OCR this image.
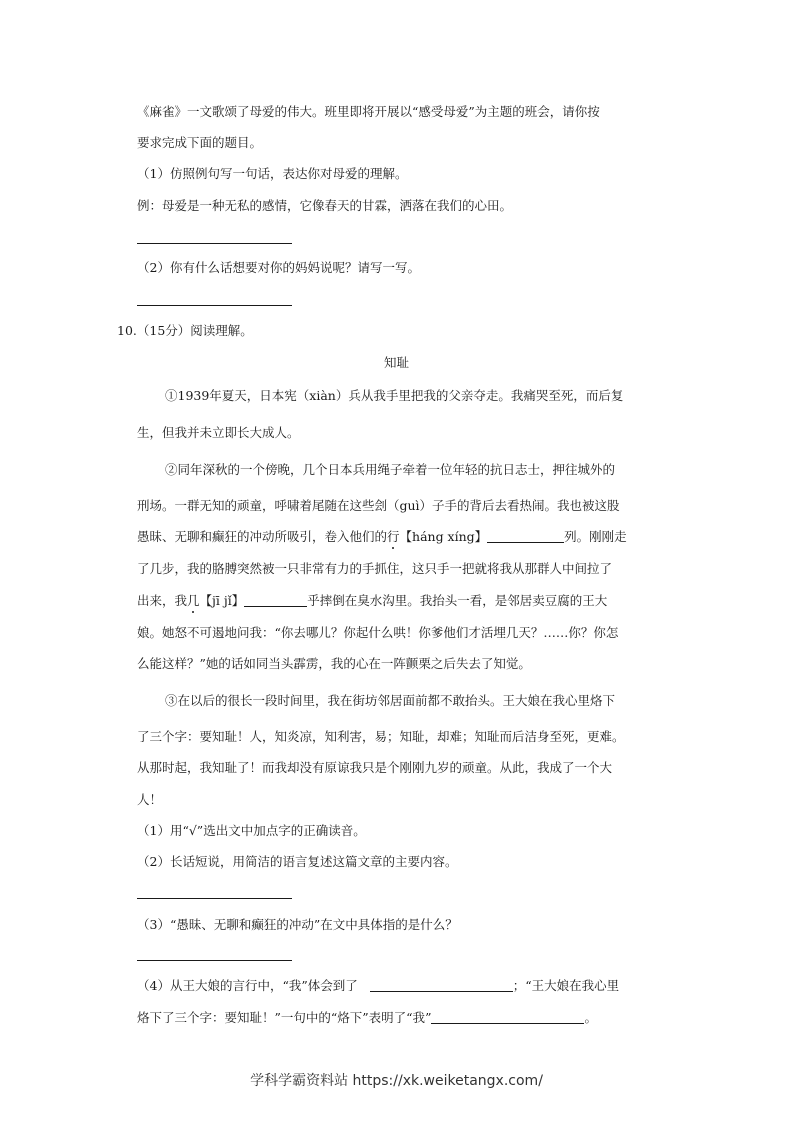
《麻雀》一文歌颂了母爱的伟大。班里即将开展以“感受母爱”为主题的班会，请你按
要求完成下面的题目。
（1）仿照例句写一句话，表达你对母爱的理解。
例：母爱是一种无私的感情，它像春天的甘霖，洒落在我们的心田。
（2）你有什么话想要对你的妈妈说呢？请写一写。
10.（15分）阅读理解。
知耻
①1939年夏天，日本宪（xiàn）兵从我手里把我的父亲夺走。我痛哭至死，而后复
生，但我并未立即长大成人。
②同年深秋的一个傍晚，几个日本兵用绳子牵着一位年轻的抗日志士，押往城外的
刑场。一群无知的顽童，呼啸着尾随在这些刽（guì）子手的背后去看热闹。我也被这股
愚昧、无聊和癫狂的冲动所吸引，卷入他们的行【háng xíng】	列。刚刚走
了几步，我的胳膊突然被一只非常有力的手抓住，这只手一把就将我从那群人中间拉了
出来，我几【jī jǐ】	乎摔倒在臭水沟里。我抬头一看，是邻居卖豆腐的王大
娘。她怒不可遏地问我：“你去哪儿？你起什么哄！你爹他们才活埋几天？……你？你怎
么能这样？”她的话如同当头霹雳，我的心在一阵颤栗之后失去了知觉。
③在以后的很长一段时间里，我在街坊邻居面前都不敢抬头。王大娘在我心里烙下
了三个字：要知耻！人，知炎凉，知利害，易；知耻，却难；知耻而后洁身至死，更难。
从那时起，我知耻了！而我却没有原谅我只是个刚刚九岁的顽童。从此，我成了一个大
人！
（1）用“√”选出文中加点字的正确读音。
（2）长话短说，用简洁的语言复述这篇文章的主要内容。
（3）“愚昧、无聊和癫狂的冲动”在文中具体指的是什么？
（4）从王大娘的言行中，“我”体会到了	；“王大娘在我心里
烙下了三个字：要知耻！”一句中的“烙下”表明了“我”	。
学科学霸资料站 https://xk.weiketangx.com/
